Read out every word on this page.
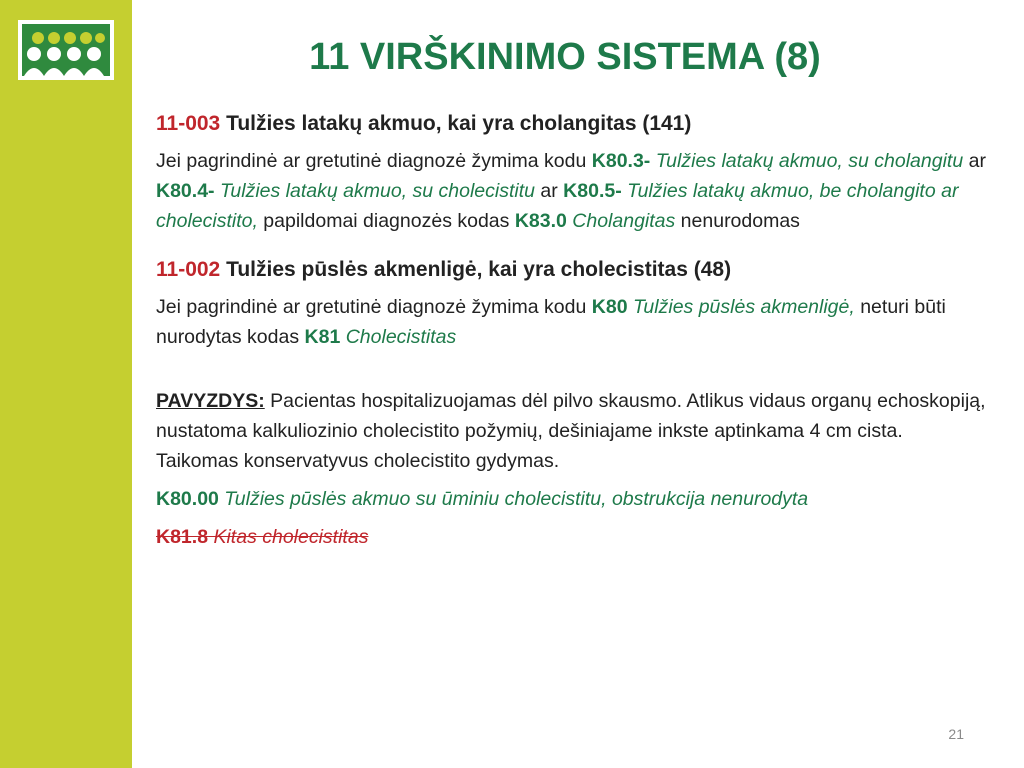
11 VIRŠKINIMO SISTEMA (8)

11-003 Tulžies latakų akmuo, kai yra cholangitas (141)

Jei pagrindinė ar gretutinė diagnozė žymima kodu K80.3- Tulžies latakų akmuo, su cholangitu ar K80.4- Tulžies latakų akmuo, su cholecistitu ar K80.5- Tulžies latakų akmuo, be cholangito ar cholecistito, papildomai diagnozės kodas K83.0 Cholangitas nenurodomas

11-002 Tulžies pūslės akmenligė, kai yra cholecistitas (48)

Jei pagrindinė ar gretutinė diagnozė žymima kodu K80 Tulžies pūslės akmenligė, neturi būti nurodytas kodas K81 Cholecistitas

PAVYZDYS: Pacientas hospitalizuojamas dėl pilvo skausmo. Atlikus vidaus organų echoskopiją, nustatoma kalkuliozinio cholecistito požymių, dešiniajame inkste aptinkama 4 cm cista. Taikomas konservatyvus cholecistito gydymas.

K80.00 Tulžies pūslės akmuo su ūminiu cholecistitu, obstrukcija nenurodyta

K81.8 Kitas cholecistitas

21
